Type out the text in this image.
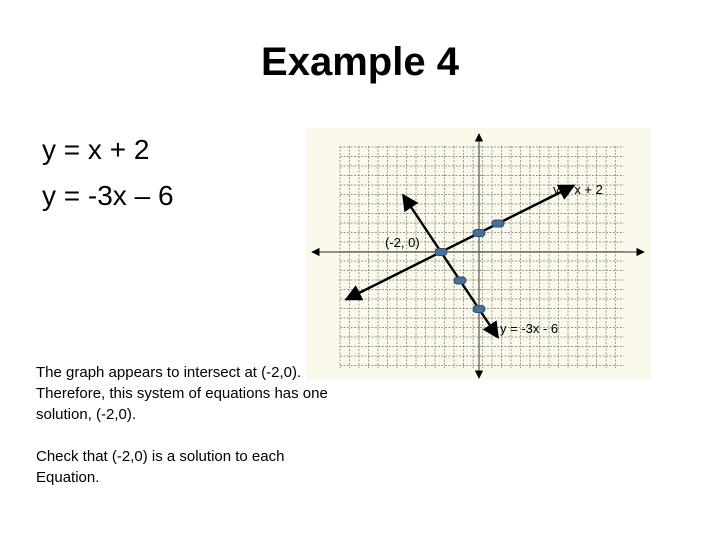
Example 4
y = x + 2
y = -3x – 6
The graph appears to intersect at (-2,0). Therefore, this system of equations has one solution, (-2,0).
Check that (-2,0) is a solution to each Equation.
y = x + 2
(-2, 0)
y = -3x - 6
